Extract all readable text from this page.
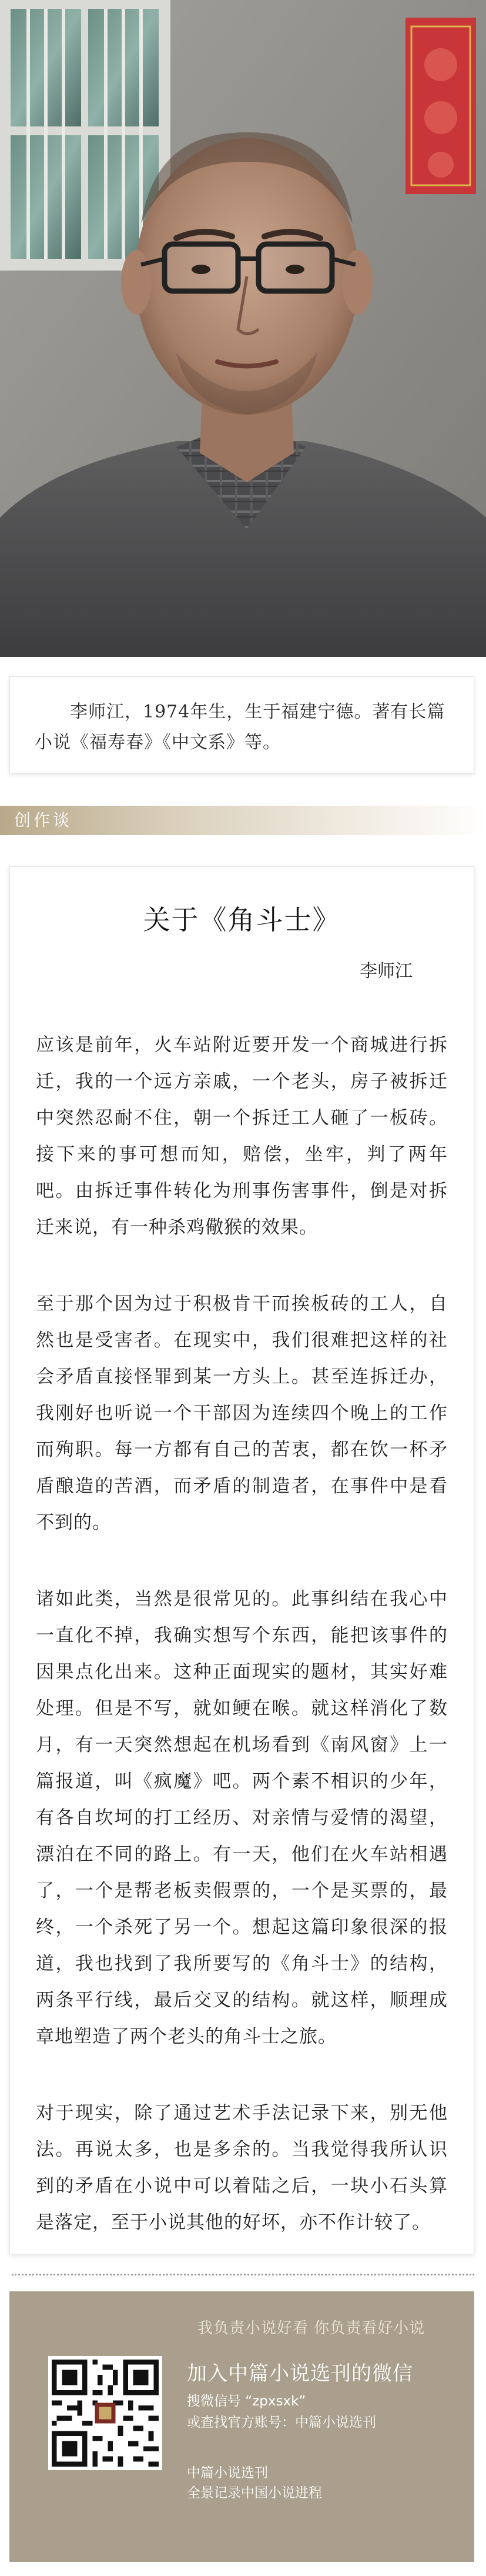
李师江，1974年生，生于福建宁德。著有长篇小说《福寿春》《中文系》等。

创作谈
关于《角斗士》
李师江

应该是前年，火车站附近要开发一个商城进行拆迁，我的一个远方亲戚，一个老头，房子被拆迁中突然忍耐不住，朝一个拆迁工人砸了一板砖。接下来的事可想而知，赔偿，坐牢，判了两年吧。由拆迁事件转化为刑事伤害事件，倒是对拆迁来说，有一种杀鸡儆猴的效果。

至于那个因为过于积极肯干而挨板砖的工人，自然也是受害者。在现实中，我们很难把这样的社会矛盾直接怪罪到某一方头上。甚至连拆迁办，我刚好也听说一个干部因为连续四个晚上的工作而殉职。每一方都有自己的苦衷，都在饮一杯矛盾酿造的苦酒，而矛盾的制造者，在事件中是看不到的。

诸如此类，当然是很常见的。此事纠结在我心中一直化不掉，我确实想写个东西，能把该事件的因果点化出来。这种正面现实的题材，其实好难处理。但是不写，就如鲠在喉。就这样消化了数月，有一天突然想起在机场看到《南风窗》上一篇报道，叫《疯魔》吧。两个素不相识的少年，有各自坎坷的打工经历、对亲情与爱情的渴望，漂泊在不同的路上。有一天，他们在火车站相遇了，一个是帮老板卖假票的，一个是买票的，最终，一个杀死了另一个。想起这篇印象很深的报道，我也找到了我所要写的《角斗士》的结构，两条平行线，最后交叉的结构。就这样，顺理成章地塑造了两个老头的角斗士之旅。

对于现实，除了通过艺术手法记录下来，别无他法。再说太多，也是多余的。当我觉得我所认识到的矛盾在小说中可以着陆之后，一块小石头算是落定，至于小说其他的好坏，亦不作计较了。

我负责小说好看 你负责看好小说
加入中篇小说选刊的微信
搜微信号 “zpxsxk”
或查找官方账号：中篇小说选刊
中篇小说选刊
全景记录中国小说进程
